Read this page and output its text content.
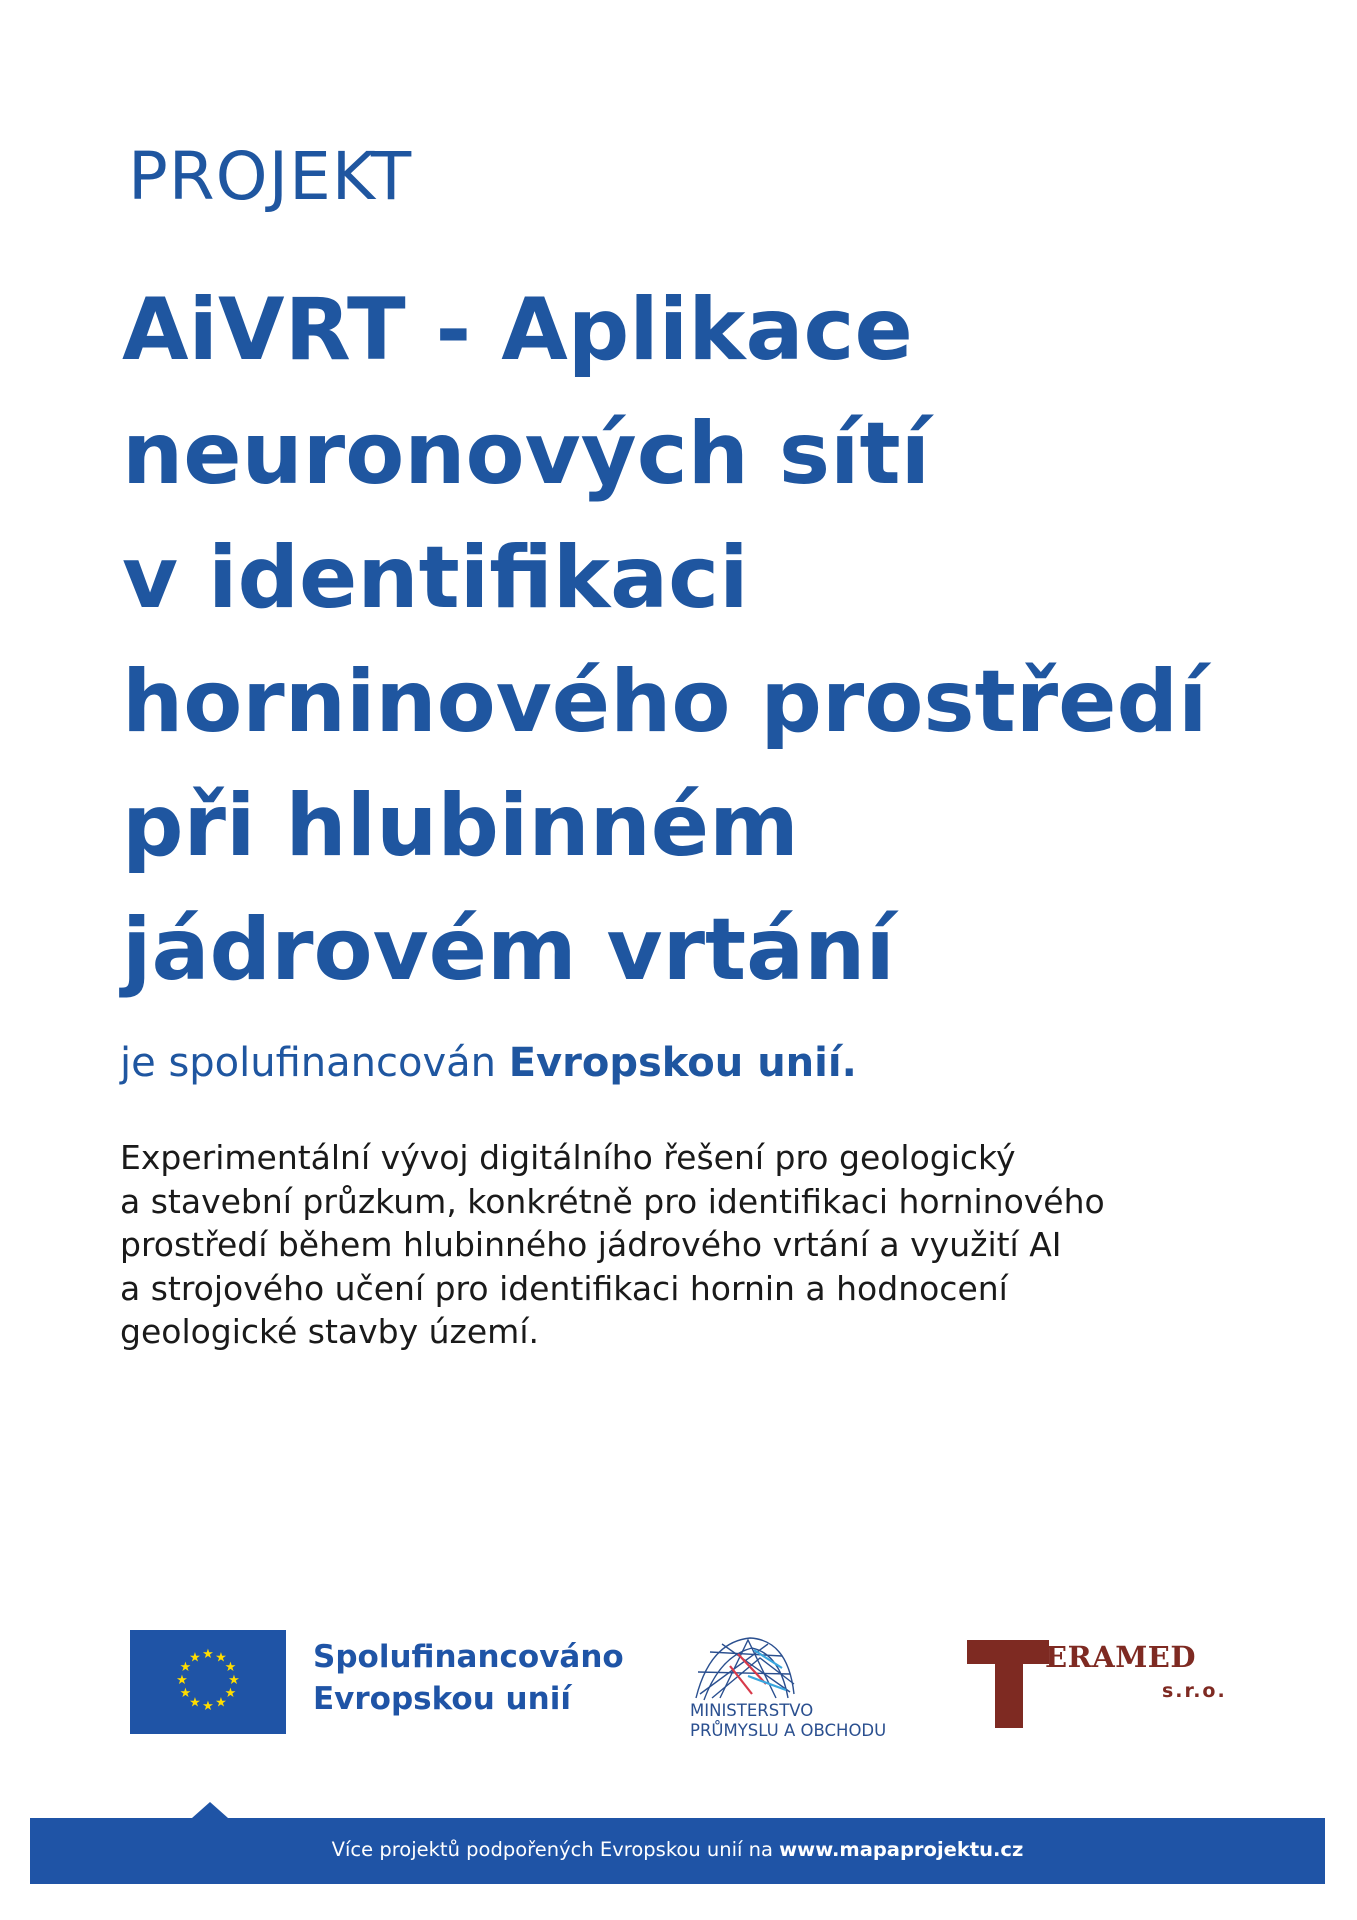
PROJEKT
AiVRT - Aplikace
neuronových sítí
v identifikaci
horninového prostředí
při hlubinném
jádrovém vrtání

je spolufinancován Evropskou unií.

Experimentální vývoj digitálního řešení pro geologický
a stavební průzkum, konkrétně pro identifikaci horninového
prostředí během hlubinného jádrového vrtání a využití AI
a strojového učení pro identifikaci hornin a hodnocení
geologické stavby území.

★ ★
★
★
★
★
★
★
★
★
★
★	Spolufinancováno
Evropskou unií	MINISTERSTVO
PRŮMYSLU A OBCHODU
ERAMED
s.r.o.
Více projektů podpořených Evropskou unií na www.mapaprojektu.cz
